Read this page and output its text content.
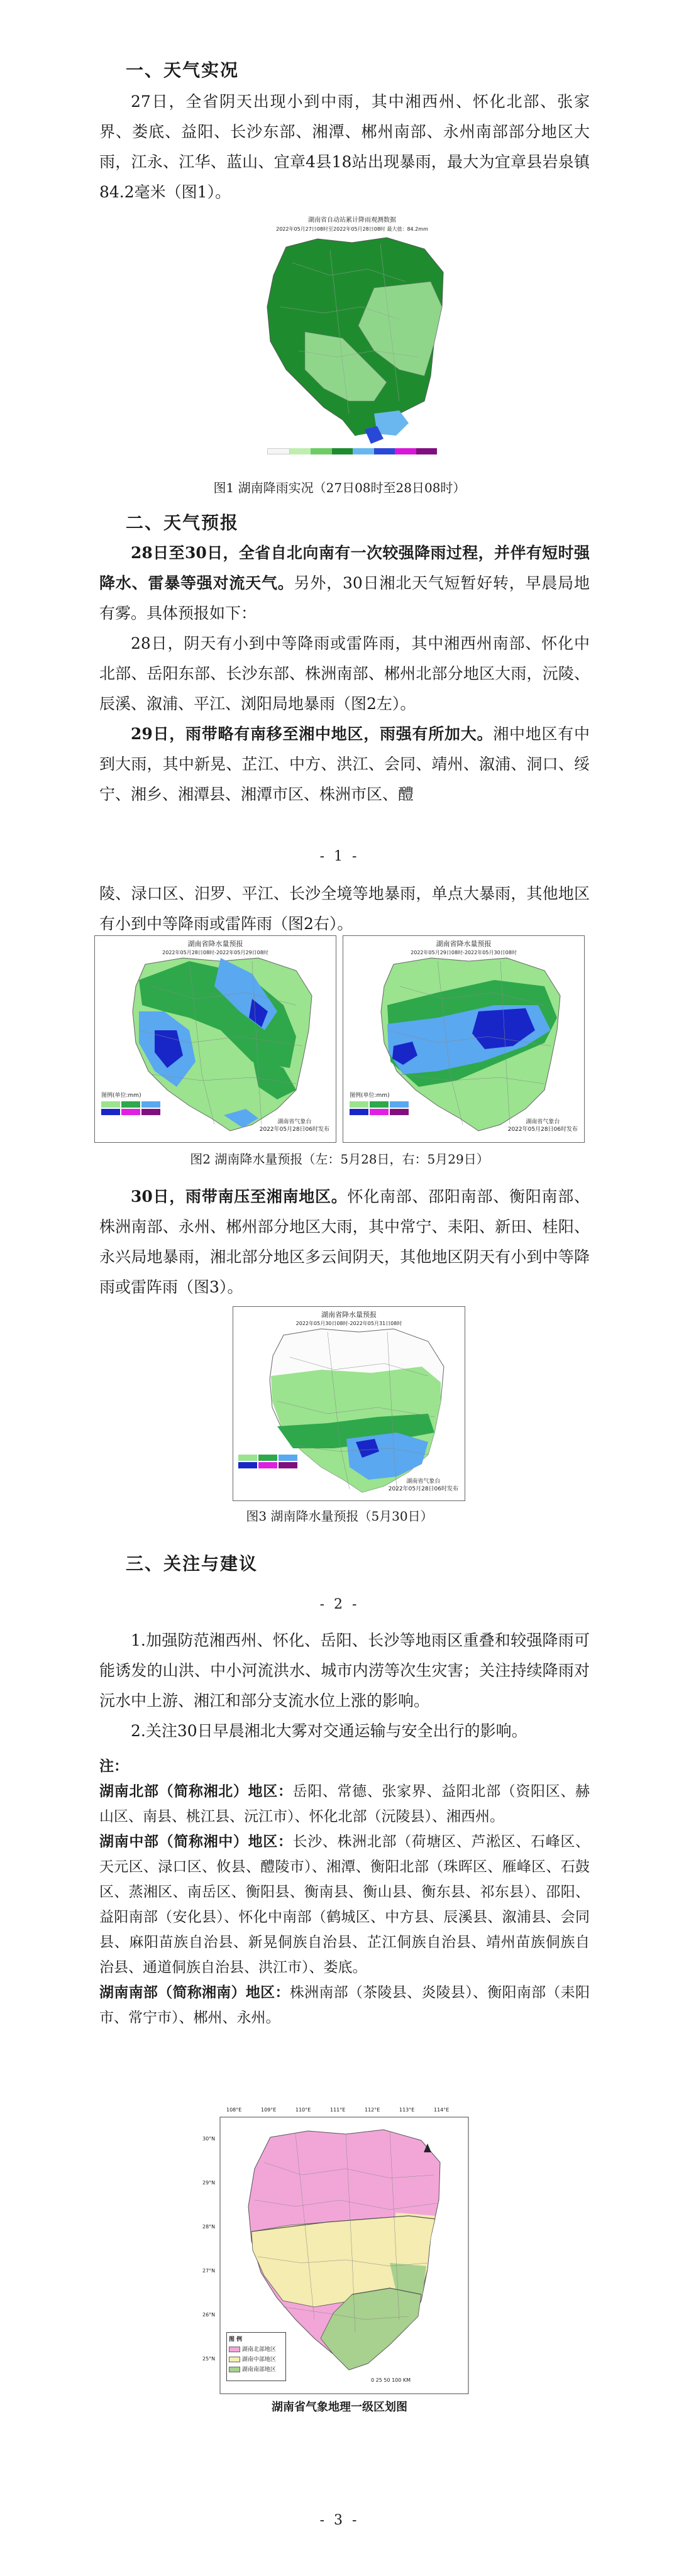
一、天气实况
27日，全省阴天出现小到中雨，其中湘西州、怀化北部、张家界、娄底、益阳、长沙东部、湘潭、郴州南部、永州南部部分地区大雨，江永、江华、蓝山、宜章4县18站出现暴雨，最大为宜章县岩泉镇84.2毫米（图1）。
湖南省自动站累计降雨观测数据
2022年05月27日08时至2022年05月28日08时 最大值：84.2mm
图1 湖南降雨实况（27日08时至28日08时）
二、天气预报
28日至30日，全省自北向南有一次较强降雨过程，并伴有短时强降水、雷暴等强对流天气。另外，30日湘北天气短暂好转，早晨局地有雾。具体预报如下：
28日，阴天有小到中等降雨或雷阵雨，其中湘西州南部、怀化中北部、岳阳东部、长沙东部、株洲南部、郴州北部分地区大雨，沅陵、辰溪、溆浦、平江、浏阳局地暴雨（图2左）。
29日，雨带略有南移至湘中地区，雨强有所加大。湘中地区有中到大雨，其中新晃、芷江、中方、洪江、会同、靖州、溆浦、洞口、绥宁、湘乡、湘潭县、湘潭市区、株洲市区、醴
- 1 -
陵、渌口区、汨罗、平江、长沙全境等地暴雨，单点大暴雨，其他地区有小到中等降雨或雷阵雨（图2右）。
湖南省降水量预报
2022年05月28日08时-2022年05月29日08时
图例(单位:mm)
湖南省气象台
2022年05月28日06时发布
湖南省降水量预报
2022年05月29日08时-2022年05月30日08时
图例(单位:mm)
湖南省气象台
2022年05月28日06时发布
图2 湖南降水量预报（左：5月28日，右：5月29日）
30日，雨带南压至湘南地区。怀化南部、邵阳南部、衡阳南部、株洲南部、永州、郴州部分地区大雨，其中常宁、耒阳、新田、桂阳、永兴局地暴雨，湘北部分地区多云间阴天，其他地区阴天有小到中等降雨或雷阵雨（图3）。
湖南省降水量预报
2022年05月30日08时-2022年05月31日08时
湖南省气象台
2022年05月28日06时发布
图3 湖南降水量预报（5月30日）
三、关注与建议
- 2 -
1.加强防范湘西州、怀化、岳阳、长沙等地雨区重叠和较强降雨可能诱发的山洪、中小河流洪水、城市内涝等次生灾害；关注持续降雨对沅水中上游、湘江和部分支流水位上涨的影响。
2.关注30日早晨湘北大雾对交通运输与安全出行的影响。
注：
湖南北部（简称湘北）地区：岳阳、常德、张家界、益阳北部（资阳区、赫山区、南县、桃江县、沅江市）、怀化北部（沅陵县）、湘西州。
湖南中部（简称湘中）地区：长沙、株洲北部（荷塘区、芦淞区、石峰区、天元区、渌口区、攸县、醴陵市）、湘潭、衡阳北部（珠晖区、雁峰区、石鼓区、蒸湘区、南岳区、衡阳县、衡南县、衡山县、衡东县、祁东县）、邵阳、益阳南部（安化县）、怀化中南部（鹤城区、中方县、辰溪县、溆浦县、会同县、麻阳苗族自治县、新晃侗族自治县、芷江侗族自治县、靖州苗族侗族自治县、通道侗族自治县、洪江市）、娄底。
湖南南部（简称湘南）地区：株洲南部（茶陵县、炎陵县）、衡阳南部（耒阳市、常宁市）、郴州、永州。
108°E	109°E	110°E	111°E	112°E	113°E	114°E
30°N
29°N
28°N
27°N
26°N
25°N
图 例
湖南北部地区
湖南中部地区
湖南南部地区
0 25 50 100 KM
湖南省气象地理一级区划图
- 3 -
